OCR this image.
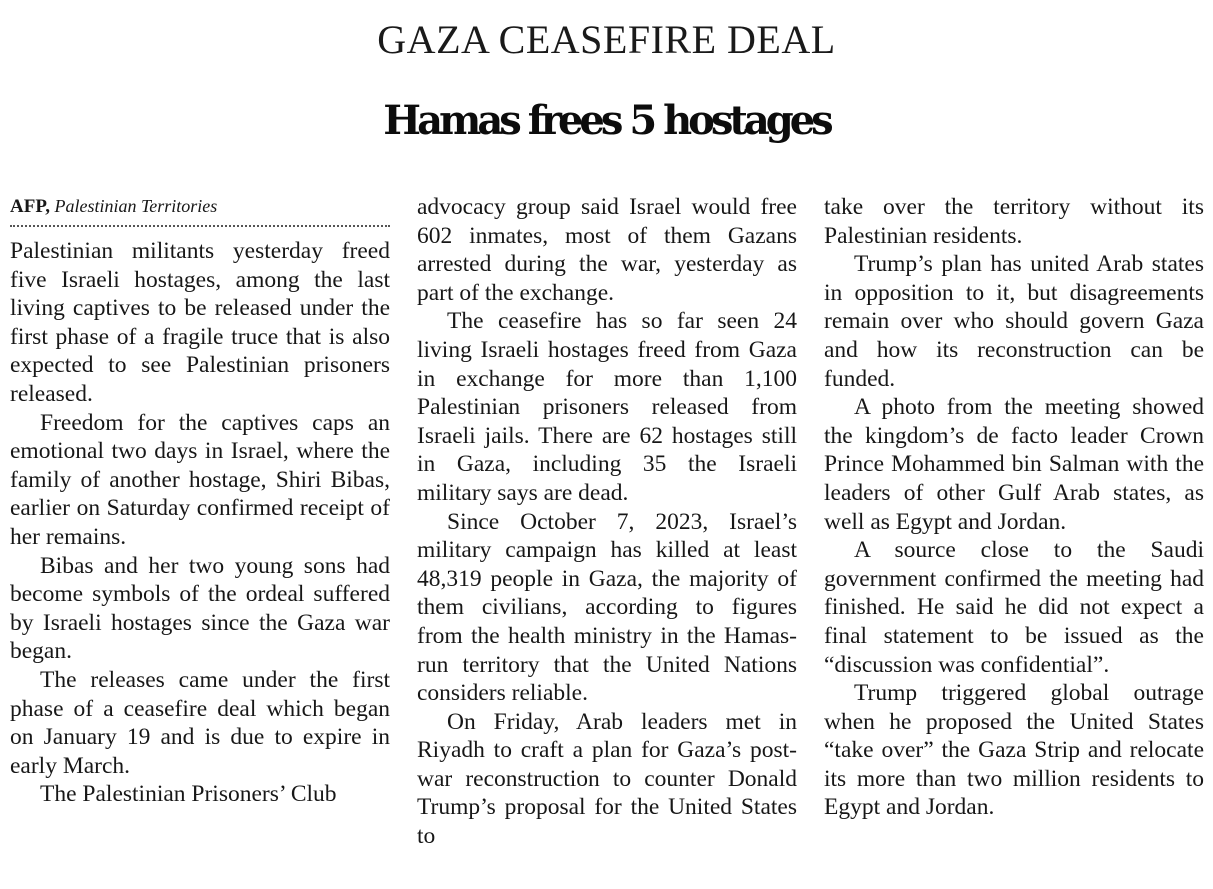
GAZA CEASEFIRE DEAL
Hamas frees 5 hostages
AFP, Palestinian Territories

Palestinian militants yesterday freed five Israeli hostages, among the last living captives to be released under the first phase of a fragile truce that is also expected to see Palestinian prisoners released.

Freedom for the captives caps an emotional two days in Israel, where the family of another hostage, Shiri Bibas, earlier on Saturday confirmed receipt of her remains.

Bibas and her two young sons had become symbols of the ordeal suffered by Israeli hostages since the Gaza war began.

The releases came under the first phase of a ceasefire deal which began on January 19 and is due to expire in early March.

The Palestinian Prisoners’ Club

advocacy group said Israel would free 602 inmates, most of them Gazans arrested during the war, yesterday as part of the exchange.

The ceasefire has so far seen 24 living Israeli hostages freed from Gaza in exchange for more than 1,100 Palestinian prisoners released from Israeli jails. There are 62 hostages still in Gaza, including 35 the Israeli military says are dead.

Since October 7, 2023, Israel’s military campaign has killed at least 48,319 people in Gaza, the majority of them civilians, according to figures from the health ministry in the Hamas-run territory that the United Nations considers reliable.

On Friday, Arab leaders met in Riyadh to craft a plan for Gaza’s post-war reconstruction to counter Donald Trump’s proposal for the United States to

take over the territory without its Palestinian residents.

Trump’s plan has united Arab states in opposition to it, but disagreements remain over who should govern Gaza and how its reconstruction can be funded.

A photo from the meeting showed the kingdom’s de facto leader Crown Prince Mohammed bin Salman with the leaders of other Gulf Arab states, as well as Egypt and Jordan.

A source close to the Saudi government confirmed the meeting had finished. He said he did not expect a final statement to be issued as the “discussion was confidential”.

Trump triggered global outrage when he proposed the United States “take over” the Gaza Strip and relocate its more than two million residents to Egypt and Jordan.
